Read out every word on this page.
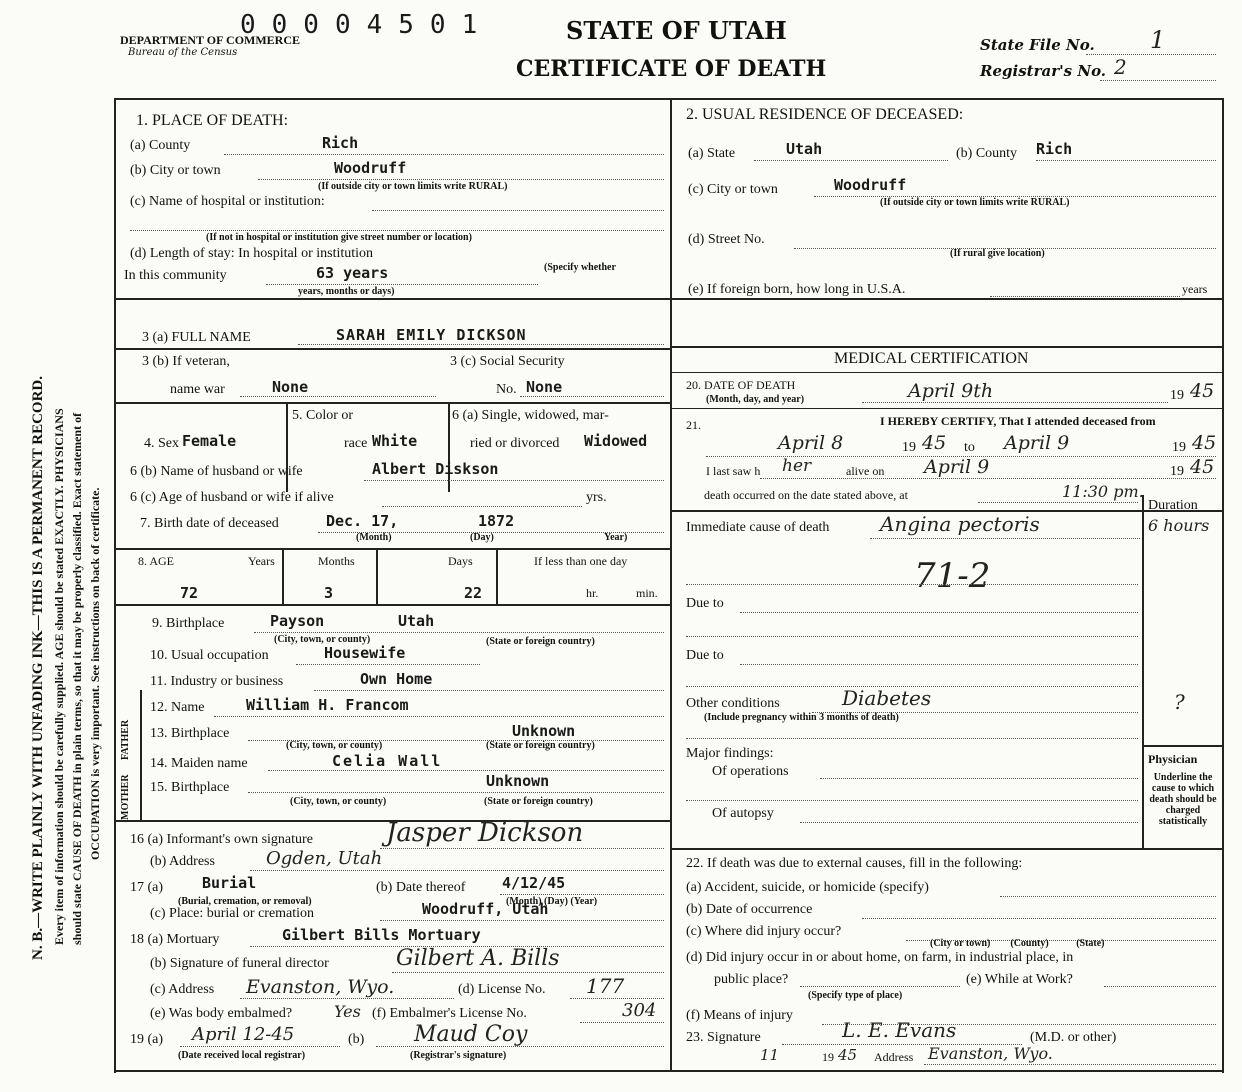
N. B.—WRITE PLAINLY WITH UNFADING INK—THIS IS A PERMANENT RECORD. Every item of information should be carefully supplied. AGE should be stated EXACTLY. PHYSICIANS should state CAUSE OF DEATH in plain terms, so that it may be properly classified. Exact statement of OCCUPATION is very important. See instructions on back of certificate.
DEPARTMENT OF COMMERCE
Bureau of the Census
00004501	STATE OF UTAH
CERTIFICATE OF DEATH
State File No. 1
Registrar's No. 2
1. PLACE OF DEATH:
(a) County	Rich
(b) City or town	Woodruff
(If outside city or town limits write RURAL)
(c) Name of hospital or institution:
(If not in hospital or institution give street number or location)
(d) Length of stay: In hospital or institution
In this community	63 years	(Specify whether
years, months or days)
2. USUAL RESIDENCE OF DECEASED:
(a) State	Utah	(b) County Rich
(c) City or town	Woodruff
(If outside city or town limits write RURAL)
(d) Street No.
(If rural give location)
(e) If foreign born, how long in U.S.A.	years
3 (a) FULL NAME	SARAH EMILY DICKSON
3 (b) If veteran,
name war	None
3 (c) Social Security
No. None
4. Sex Female
5. Color or
race White
6 (a) Single, widowed, mar-
ried or divorced Widowed
6 (b) Name of husband or wife	Albert Diskson
6 (c) Age of husband or wife if alive	yrs.
7. Birth date of deceased	Dec. 17,	1872
(Month)	(Day)	Year)
8. AGE	Years	Months	Days	If less than one day
72	3	22	hr.	min.
9. Birthplace	Payson	Utah
(City, town, or county)	(State or foreign country)
10. Usual occupation	Housewife
11. Industry or business	Own Home
FATHER
MOTHER
12. Name	William H. Francom
13. Birthplace	Unknown
(City, town, or county)	(State or foreign country)
14. Maiden name	Celia Wall
15. Birthplace	Unknown
(City, town, or county)	(State or foreign country)
16 (a) Informant's own signature	Jasper Dickson
(b) Address	Ogden, Utah
17 (a)	Burial
(Burial, cremation, or removal)
(b) Date thereof 4/12/45
(Month) (Day) (Year)
(c) Place: burial or cremation	Woodruff, Utah
18 (a) Mortuary	Gilbert Bills Mortuary
(b) Signature of funeral director	Gilbert A. Bills
(c) Address Evanston, Wyo.	(d) License No. 177
(e) Was body embalmed?	Yes (f) Embalmer's License No.	304
19 (a) April 12-45
(Date received local registrar)
(b) Maud Coy
(Registrar's signature)
MEDICAL CERTIFICATION
20. DATE OF DEATH
(Month, day, and year)	April 9th	19 45
21.	I HEREBY CERTIFY, That I attended deceased from
April 8	19 45 to April 9	19 45
I last saw h her	alive on April 9	19 45
death occurred on the date stated above, at	11:30 pm.
Duration
Immediate cause of death	Angina pectoris	6 hours
71-2
Due to
Due to
Other conditions	Diabetes	?
(Include pregnancy within 3 months of death)
Major findings:
Of operations
Of autopsy
Physician
Underline the cause to which death should be charged statistically
22. If death was due to external causes, fill in the following:
(a) Accident, suicide, or homicide (specify)
(b) Date of occurrence
(c) Where did injury occur?
(City or town)        (County)           (State)
(d) Did injury occur in or about home, on farm, in industrial place, in
public place?	(e) While at Work?
(Specify type of place)
(f) Means of injury
23. Signature	L. E. Evans	(M.D. or other)
11	19 45 Address Evanston, Wyo.
